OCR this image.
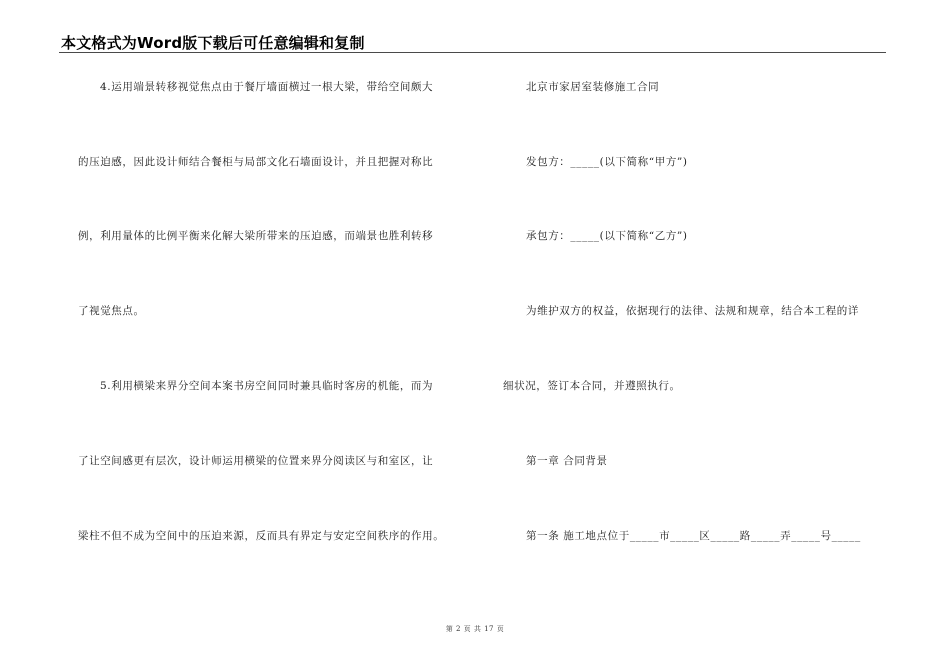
本文格式为Word版下载后可任意编辑和复制
4.运用端景转移视觉焦点由于餐厅墙面横过一根大梁，带给空间颇大
的压迫感，因此设计师结合餐柜与局部文化石墙面设计，并且把握对称比
例，利用量体的比例平衡来化解大梁所带来的压迫感，而端景也胜利转移
了视觉焦点。
5.利用横梁来界分空间本案书房空间同时兼具临时客房的机能，而为
了让空间感更有层次，设计师运用横梁的位置来界分阅读区与和室区，让
梁柱不但不成为空间中的压迫来源，反而具有界定与安定空间秩序的作用。
北京市家居室装修施工合同
发包方：_____(以下简称“甲方”)
承包方：_____(以下简称“乙方”)
为维护双方的权益，依据现行的法律、法规和规章，结合本工程的详
细状况，签订本合同，并遵照执行。
第一章 合同背景
第一条 施工地点位于_____市_____区_____路_____弄_____号_____
第 2 页 共 17 页
